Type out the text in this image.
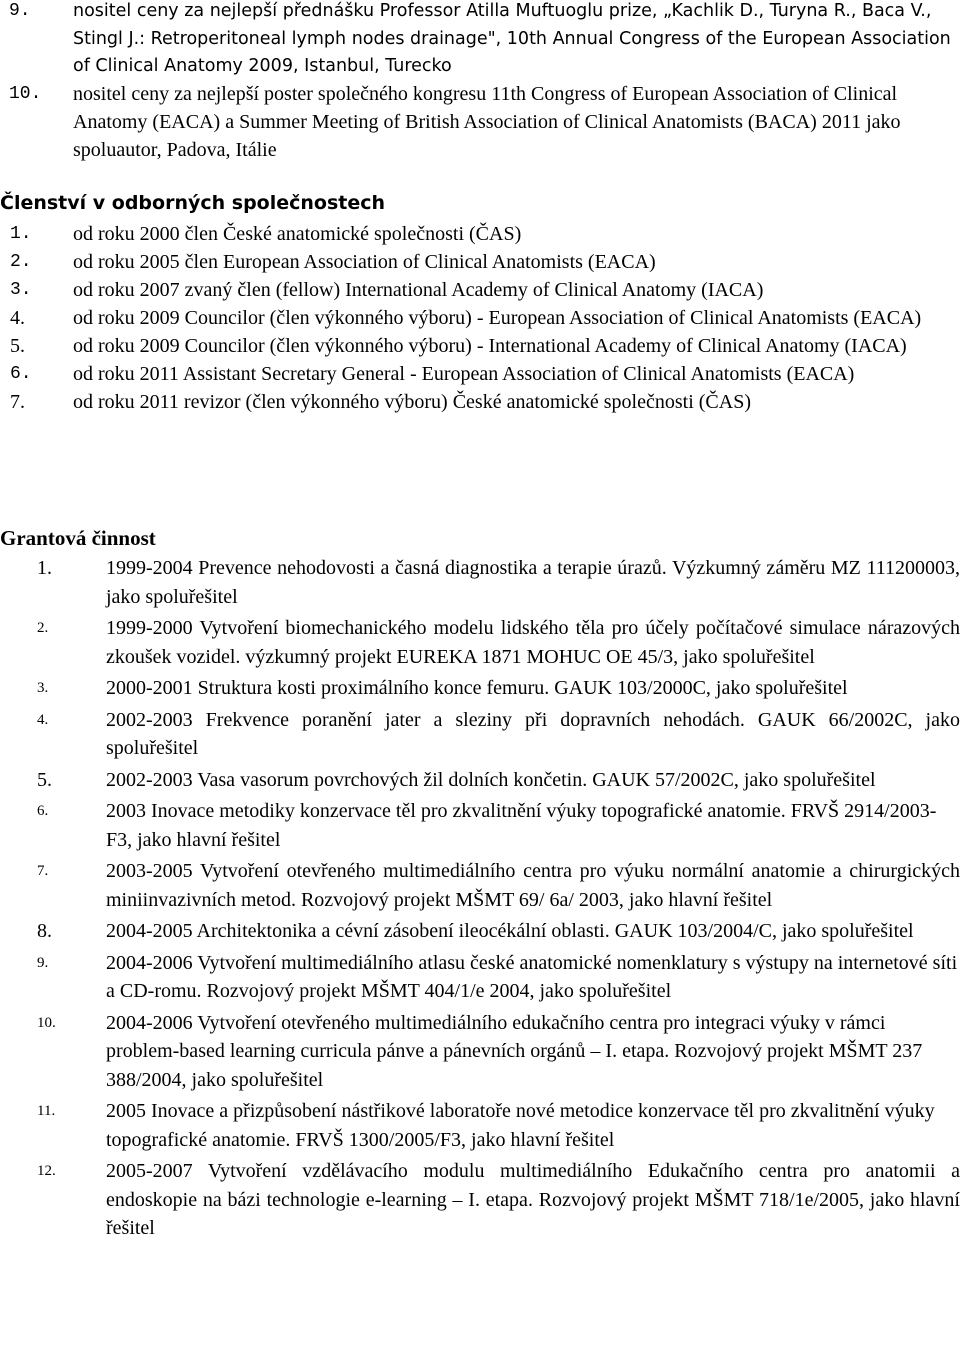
9. nositel ceny za nejlepší přednášku Professor Atilla Muftuoglu prize, „Kachlik D., Turyna R., Baca V., Stingl J.: Retroperitoneal lymph nodes drainage", 10th Annual Congress of the European Association of Clinical Anatomy 2009, Istanbul, Turecko
10. nositel ceny za nejlepší poster společného kongresu 11th Congress of European Association of Clinical Anatomy (EACA) a Summer Meeting of British Association of Clinical Anatomists (BACA) 2011 jako spoluautor, Padova, Itálie
Členství v odborných společnostech
1. od roku 2000 člen České anatomické společnosti (ČAS)
2. od roku 2005 člen European Association of Clinical Anatomists (EACA)
3. od roku 2007 zvaný člen (fellow) International Academy of Clinical Anatomy (IACA)
4. od roku 2009 Councilor (člen výkonného výboru) - European Association of Clinical Anatomists (EACA)
5. od roku 2009 Councilor (člen výkonného výboru) - International Academy of Clinical Anatomy (IACA)
6. od roku 2011 Assistant Secretary General - European Association of Clinical Anatomists (EACA)
7. od roku 2011 revizor (člen výkonného výboru) České anatomické společnosti (ČAS)
Grantová činnost
1.	1999-2004 Prevence nehodovosti a časná diagnostika a terapie úrazů. Výzkumný záměru MZ 111200003, jako spoluřešitel
2.	1999-2000 Vytvoření biomechanického modelu lidského těla pro účely počítačové simulace nárazových zkoušek vozidel. výzkumný projekt EUREKA 1871 MOHUC OE 45/3, jako spoluřešitel
3.	2000-2001 Struktura kosti proximálního konce femuru. GAUK 103/2000C, jako spoluřešitel
4.	2002-2003 Frekvence poranění jater a sleziny při dopravních nehodách. GAUK 66/2002C, jako spoluřešitel
5.	2002-2003 Vasa vasorum povrchových žil dolních končetin. GAUK 57/2002C, jako spoluřešitel
6.	2003 Inovace metodiky konzervace těl pro zkvalitnění výuky topografické anatomie. FRVŠ 2914/2003-F3, jako hlavní řešitel
7.	2003-2005 Vytvoření otevřeného multimediálního centra pro výuku normální anatomie a chirurgických miniinvazivních metod. Rozvojový projekt MŠMT 69/ 6a/ 2003, jako hlavní řešitel
8.	2004-2005 Architektonika a cévní zásobení ileocékální oblasti. GAUK 103/2004/C, jako spoluřešitel
9.	2004-2006 Vytvoření multimediálního atlasu české anatomické nomenklatury s výstupy na internetové síti a CD-romu. Rozvojový projekt MŠMT 404/1/e 2004, jako spoluřešitel
10.	2004-2006 Vytvoření otevřeného multimediálního edukačního centra pro integraci výuky v rámci problem-based learning curricula pánve a pánevních orgánů – I. etapa. Rozvojový projekt MŠMT 237 388/2004, jako spoluřešitel
11.	2005 Inovace a přizpůsobení nástřikové laboratoře nové metodice konzervace těl pro zkvalitnění výuky topografické anatomie. FRVŠ 1300/2005/F3, jako hlavní řešitel
12.	2005-2007 Vytvoření vzdělávacího modulu multimediálního Edukačního centra pro anatomii a endoskopie na bázi technologie e-learning – I. etapa. Rozvojový projekt MŠMT 718/1e/2005, jako hlavní řešitel
